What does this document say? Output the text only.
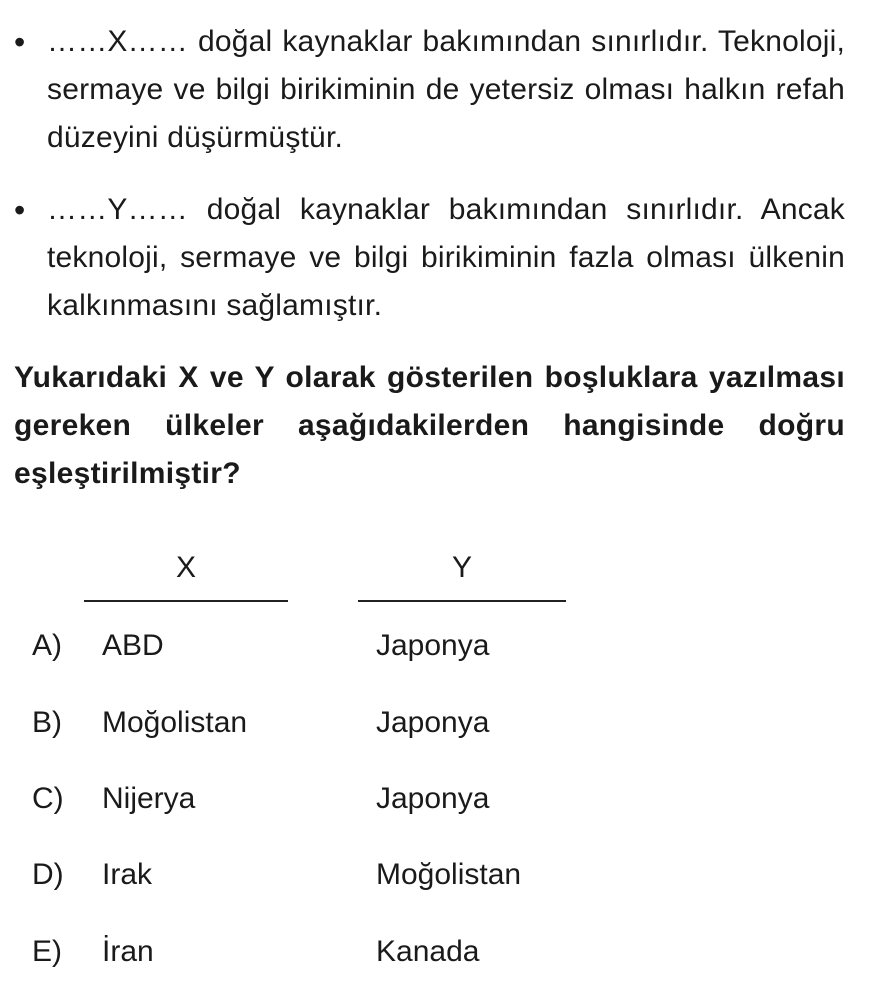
• ……X…… doğal kaynaklar bakımından sınırlıdır. Teknoloji, sermaye ve bilgi birikiminin de yetersiz olması halkın refah düzeyini düşürmüştür.
• ……Y…… doğal kaynaklar bakımından sınırlıdır. Ancak teknoloji, sermaye ve bilgi birikiminin fazla olması ülkenin kalkınmasını sağlamıştır.
Yukarıdaki X ve Y olarak gösterilen boşluklara yazılması gereken ülkeler aşağıdakilerden hangisinde doğru eşleştirilmiştir?
X	Y
A) ABD	Japonya
B) Moğolistan	Japonya
C) Nijerya	Japonya
D) Irak	Moğolistan
E) İran	Kanada
